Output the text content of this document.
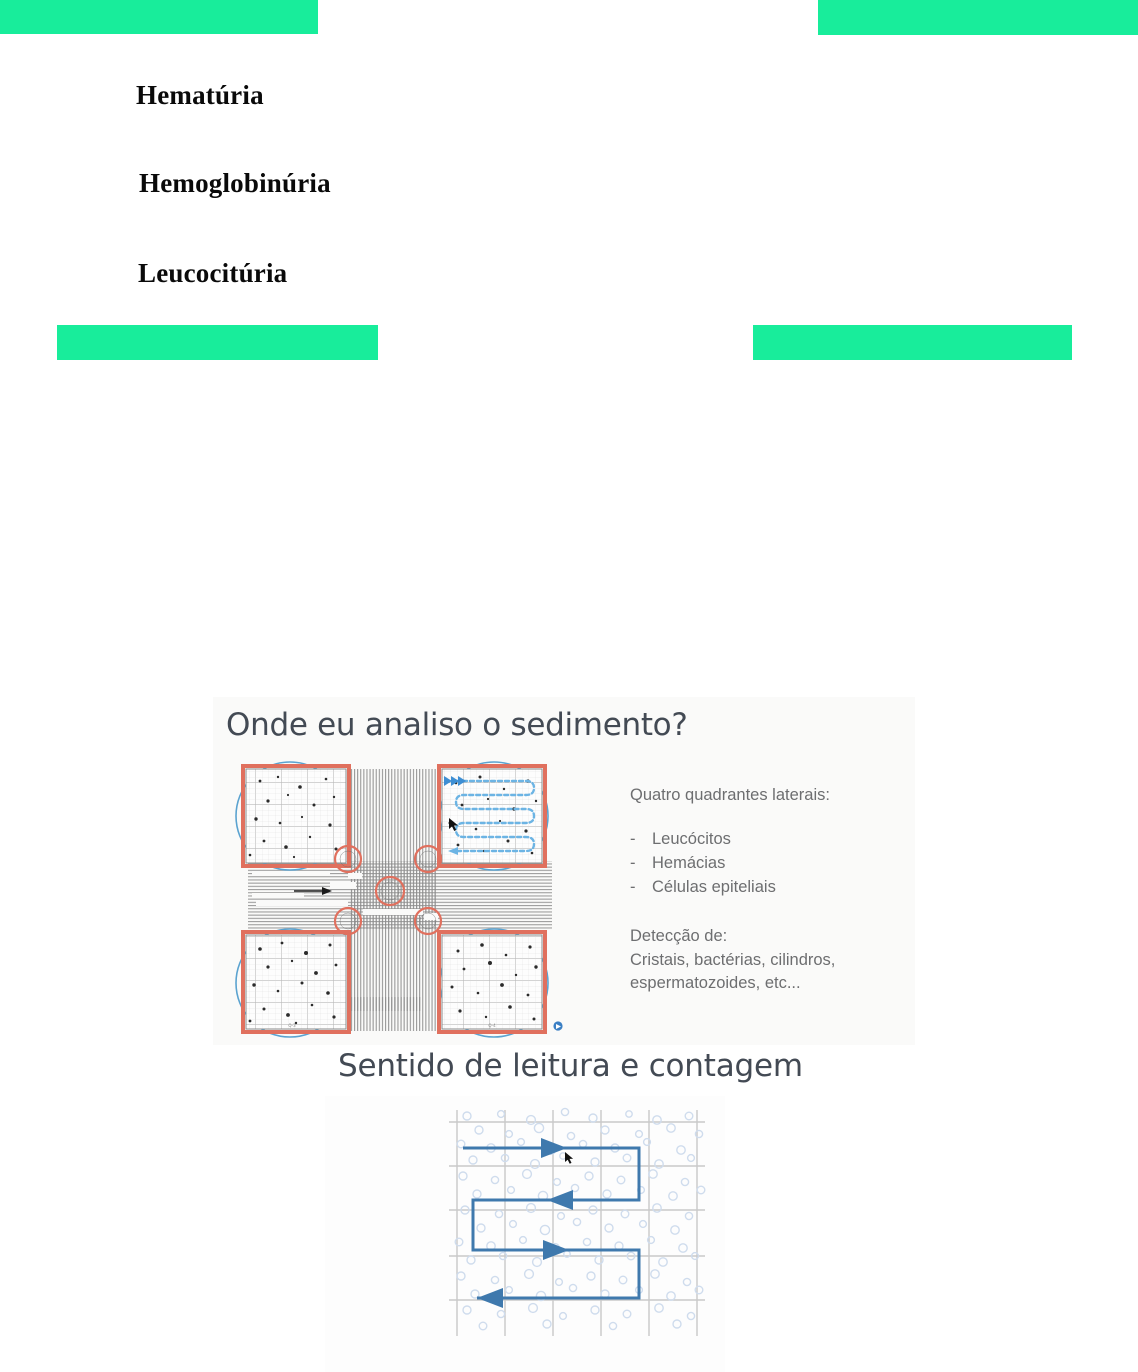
Hematúria
Hemoglobinúria
Leucocitúria
Onde eu analiso o sedimento?
Q-3	Q-4

Quatro quadrantes laterais:

-	Leucócitos
-	Hemácias
-	Células epiteliais
Detecção de:
Cristais, bactérias, cilindros,
espermatozoides, etc...
Sentido de leitura e contagem
